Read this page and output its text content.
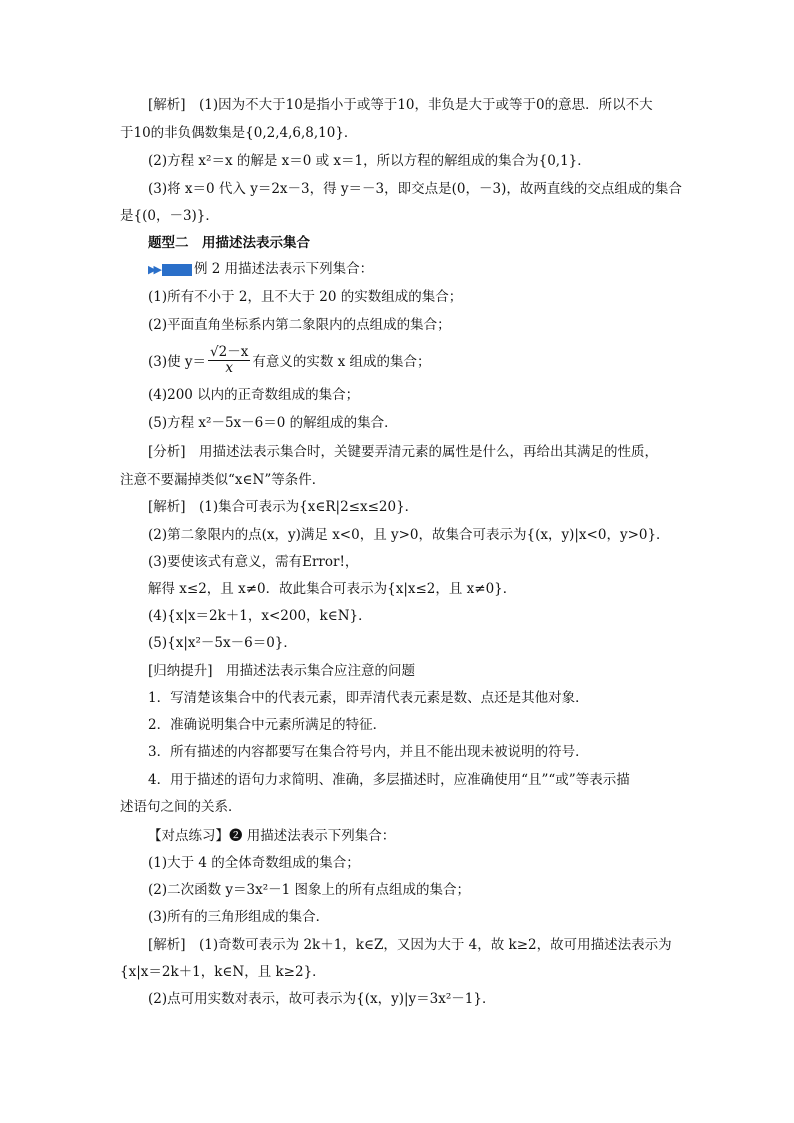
[解析]　(1)因为不大于10是指小于或等于10，非负是大于或等于0的意思．所以不大
于10的非负偶数集是{0,2,4,6,8,10}．
(2)方程 x²＝x 的解是 x＝0 或 x＝1，所以方程的解组成的集合为{0,1}．
(3)将 x＝0 代入 y＝2x－3，得 y＝－3，即交点是(0，－3)，故两直线的交点组成的集合
是{(0，－3)}．
题型二　用描述法表示集合
▶▶	例 2 用描述法表示下列集合：
(1)所有不小于 2，且不大于 20 的实数组成的集合；
(2)平面直角坐标系内第二象限内的点组成的集合；
(3)使 $y= \frac{√2-x}{x}$ 有意义的实数 x 组成的集合；
(4)200 以内的正奇数组成的集合；
(5)方程 x²－5x－6＝0 的解组成的集合．
[分析]　用描述法表示集合时，关键要弄清元素的属性是什么，再给出其满足的性质，
注意不要漏掉类似“x∈N”等条件．
[解析]　(1)集合可表示为{x∈R|2≤x≤20}．
(2)第二象限内的点(x，y)满足 x<0，且 y>0，故集合可表示为{(x，y)|x<0，y>0}．
(3)要使该式有意义，需有Error!，
解得 x≤2，且 x≠0．故此集合可表示为{x|x≤2，且 x≠0}．
(4){x|x＝2k＋1，x<200，k∈N}．
(5){x|x²－5x－6＝0}．
[归纳提升]　用描述法表示集合应注意的问题
1．写清楚该集合中的代表元素，即弄清代表元素是数、点还是其他对象．
2．准确说明集合中元素所满足的特征．
3．所有描述的内容都要写在集合符号内，并且不能出现未被说明的符号．
4．用于描述的语句力求简明、准确，多层描述时，应准确使用“且”“或”等表示描
述语句之间的关系．
【对点练习】❷ 用描述法表示下列集合：
(1)大于 4 的全体奇数组成的集合；
(2)二次函数 y＝3x²－1 图象上的所有点组成的集合；
(3)所有的三角形组成的集合．
[解析]　(1)奇数可表示为 2k＋1，k∈Z，又因为大于 4，故 k≥2，故可用描述法表示为
{x|x＝2k＋1，k∈N，且 k≥2}．
(2)点可用实数对表示，故可表示为{(x，y)|y＝3x²－1}．
